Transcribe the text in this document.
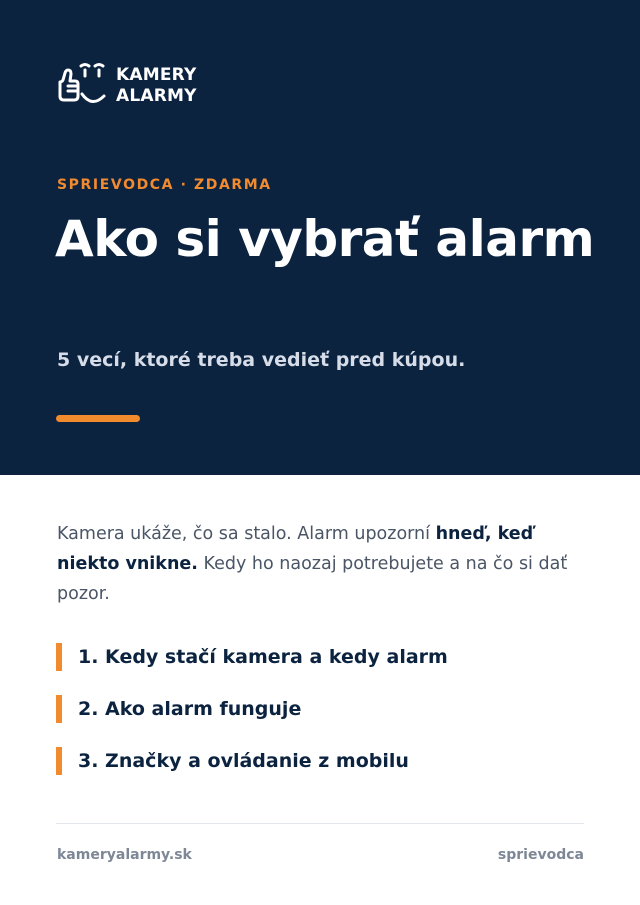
KAMERY
ALARMY
SPRIEVODCA · ZDARMA
Ako si vybrať alarm

5 vecí, ktoré treba vedieť pred kúpou.

Kamera ukáže, čo sa stalo. Alarm upozorní hneď, keď niekto vnikne. Kedy ho naozaj potrebujete a na čo si dať pozor.

1. Kedy stačí kamera a kedy alarm
2. Ako alarm funguje
3. Značky a ovládanie z mobilu
kameryalarmy.sk	sprievodca
